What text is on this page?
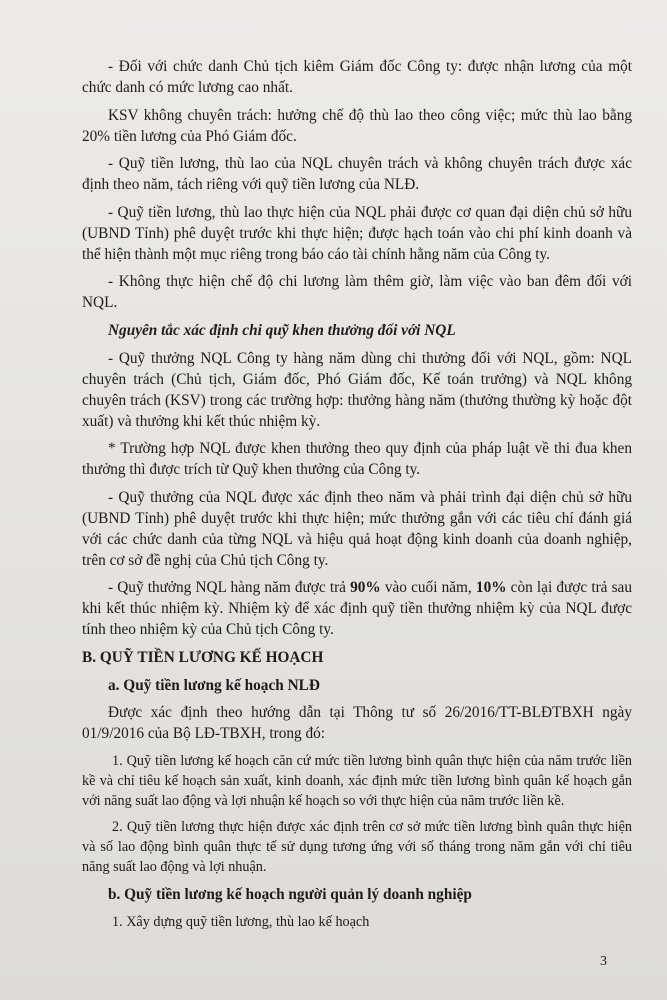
- Đối với chức danh Chủ tịch kiêm Giám đốc Công ty: được nhận lương của một chức danh có mức lương cao nhất.

KSV không chuyên trách: hưởng chế độ thù lao theo công việc; mức thù lao bằng 20% tiền lương của Phó Giám đốc.

- Quỹ tiền lương, thù lao của NQL chuyên trách và không chuyên trách được xác định theo năm, tách riêng với quỹ tiền lương của NLĐ.

- Quỹ tiền lương, thù lao thực hiện của NQL phải được cơ quan đại diện chủ sở hữu (UBND Tỉnh) phê duyệt trước khi thực hiện; được hạch toán vào chi phí kinh doanh và thể hiện thành một mục riêng trong báo cáo tài chính hằng năm của Công ty.

- Không thực hiện chế độ chi lương làm thêm giờ, làm việc vào ban đêm đối với NQL.

Nguyên tắc xác định chi quỹ khen thưởng đối với NQL

- Quỹ thưởng NQL Công ty hàng năm dùng chi thưởng đối với NQL, gồm: NQL chuyên trách (Chủ tịch, Giám đốc, Phó Giám đốc, Kế toán trưởng) và NQL không chuyên trách (KSV) trong các trường hợp: thưởng hàng năm (thưởng thường kỳ hoặc đột xuất) và thưởng khi kết thúc nhiệm kỳ.

* Trường hợp NQL được khen thưởng theo quy định của pháp luật về thi đua khen thưởng thì được trích từ Quỹ khen thưởng của Công ty.

- Quỹ thưởng của NQL được xác định theo năm và phải trình đại diện chủ sở hữu (UBND Tỉnh) phê duyệt trước khi thực hiện; mức thưởng gắn với các tiêu chí đánh giá với các chức danh của từng NQL và hiệu quả hoạt động kinh doanh của doanh nghiệp, trên cơ sở đề nghị của Chủ tịch Công ty.

- Quỹ thưởng NQL hàng năm được trả 90% vào cuối năm, 10% còn lại được trả sau khi kết thúc nhiệm kỳ. Nhiệm kỳ để xác định quỹ tiền thưởng nhiệm kỳ của NQL được tính theo nhiệm kỳ của Chủ tịch Công ty.

B. QUỸ TIỀN LƯƠNG KẾ HOẠCH

a. Quỹ tiền lương kế hoạch NLĐ

Được xác định theo hướng dẫn tại Thông tư số 26/2016/TT-BLĐTBXH ngày 01/9/2016 của Bộ LĐ-TBXH, trong đó:

1. Quỹ tiền lương kế hoạch căn cứ mức tiền lương bình quân thực hiện của năm trước liền kề và chỉ tiêu kế hoạch sản xuất, kinh doanh, xác định mức tiền lương bình quân kế hoạch gắn với năng suất lao động và lợi nhuận kế hoạch so với thực hiện của năm trước liền kề.

2. Quỹ tiền lương thực hiện được xác định trên cơ sở mức tiền lương bình quân thực hiện và số lao động bình quân thực tế sử dụng tương ứng với số tháng trong năm gắn với chỉ tiêu năng suất lao động và lợi nhuận.

b. Quỹ tiền lương kế hoạch người quản lý doanh nghiệp

1. Xây dựng quỹ tiền lương, thù lao kế hoạch

3
